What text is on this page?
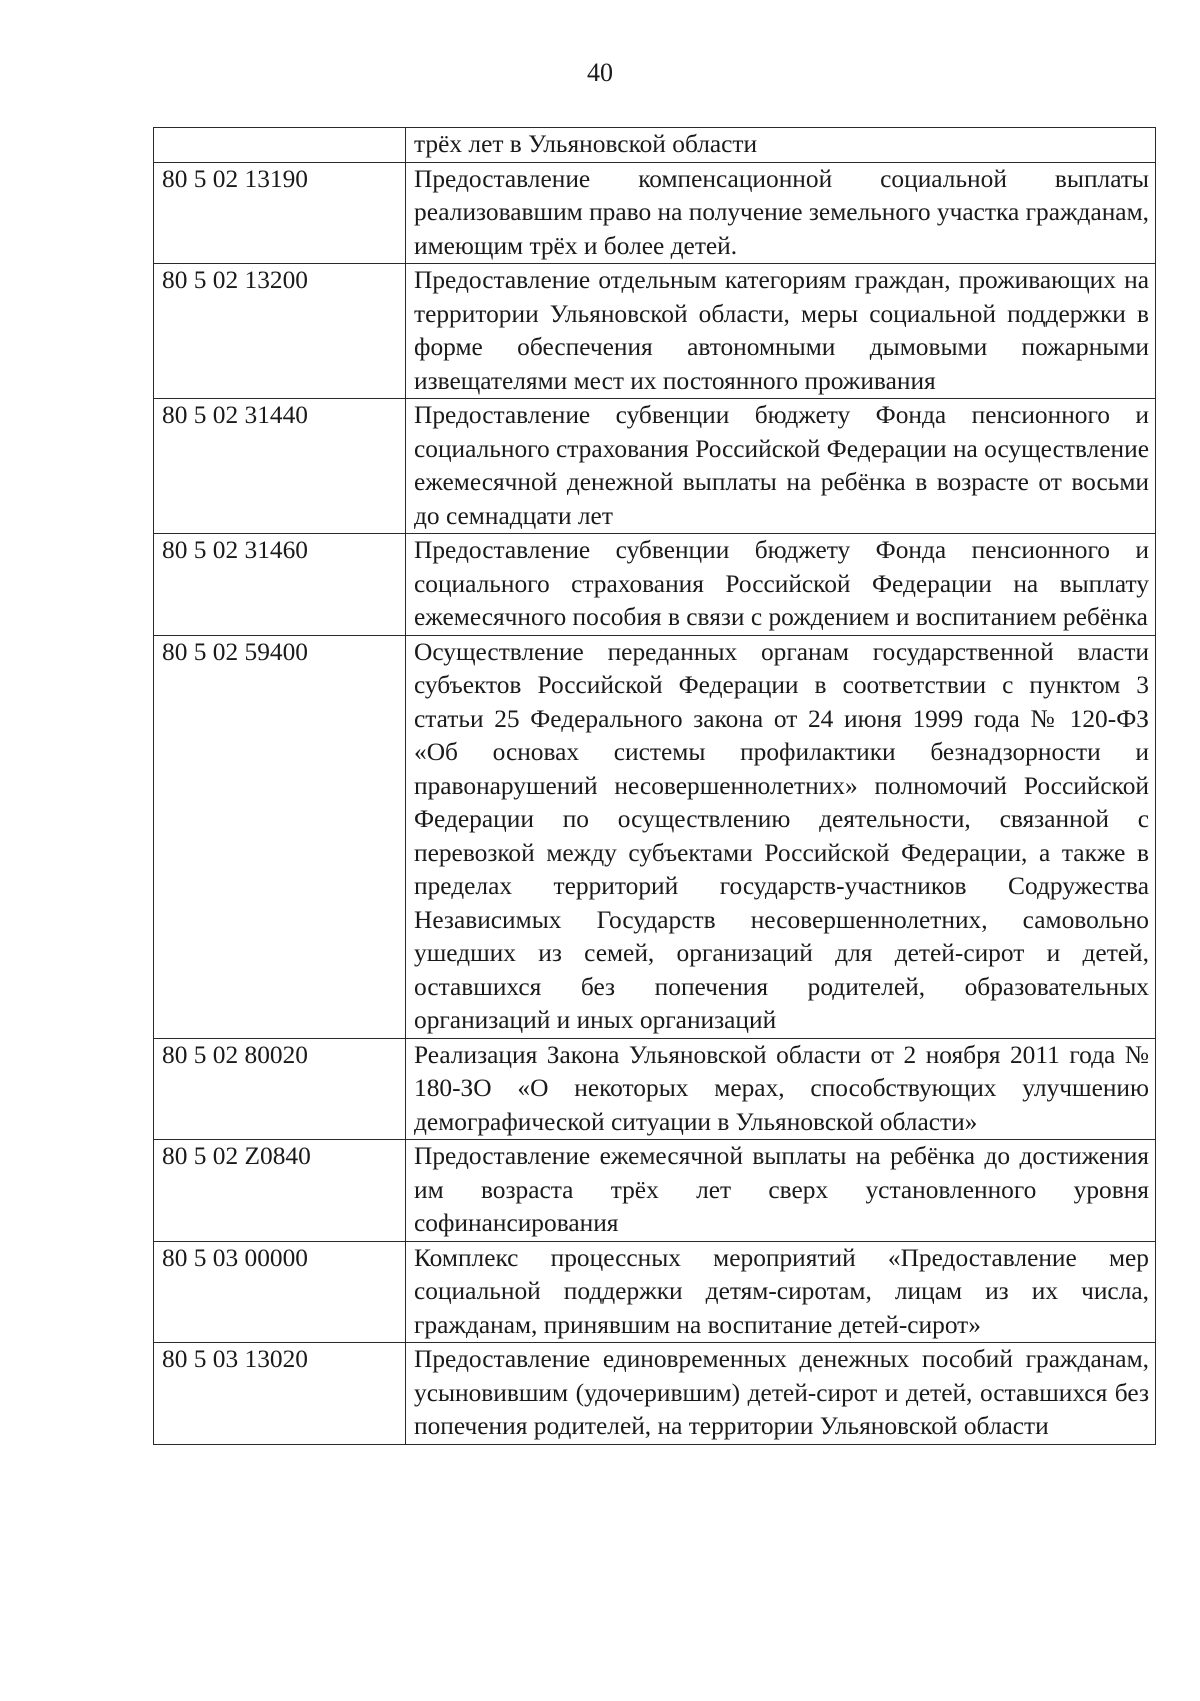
40
	трёх лет в Ульяновской области
80 5 02 13190	Предоставление компенсационной социальной выплаты реализовавшим право на получение земельного участка гражданам, имеющим трёх и более детей.
80 5 02 13200	Предоставление отдельным категориям граждан, проживающих на территории Ульяновской области, меры социальной поддержки в форме обеспечения автономными дымовыми пожарными извещателями мест их постоянного проживания
80 5 02 31440	Предоставление субвенции бюджету Фонда пенсионного и социального страхования Российской Федерации на осуществление ежемесячной денежной выплаты на ребёнка в возрасте от восьми до семнадцати лет
80 5 02 31460	Предоставление субвенции бюджету Фонда пенсионного и социального страхования Российской Федерации на выплату ежемесячного пособия в связи с рождением и воспитанием ребёнка
80 5 02 59400	Осуществление переданных органам государственной власти субъектов Российской Федерации в соответствии с пунктом 3 статьи 25 Федерального закона от 24 июня 1999 года № 120-ФЗ «Об основах системы профилактики безнадзорности и правонарушений несовершеннолетних» полномочий Российской Федерации по осуществлению деятельности, связанной с перевозкой между субъектами Российской Федерации, а также в пределах территорий государств-участников Содружества Независимых Государств несовершеннолетних, самовольно ушедших из семей, организаций для детей-сирот и детей, оставшихся без попечения родителей, образовательных организаций и иных организаций
80 5 02 80020	Реализация Закона Ульяновской области от 2 ноября 2011 года № 180-ЗО «О некоторых мерах, способствующих улучшению демографической ситуации в Ульяновской области»
80 5 02 Z0840	Предоставление ежемесячной выплаты на ребёнка до достижения им возраста трёх лет сверх установленного уровня софинансирования
80 5 03 00000	Комплекс процессных мероприятий «Предоставление мер социальной поддержки детям-сиротам, лицам из их числа, гражданам, принявшим на воспитание детей-сирот»
80 5 03 13020	Предоставление единовременных денежных пособий гражданам, усыновившим (удочерившим) детей-сирот и детей, оставшихся без попечения родителей, на территории Ульяновской области
